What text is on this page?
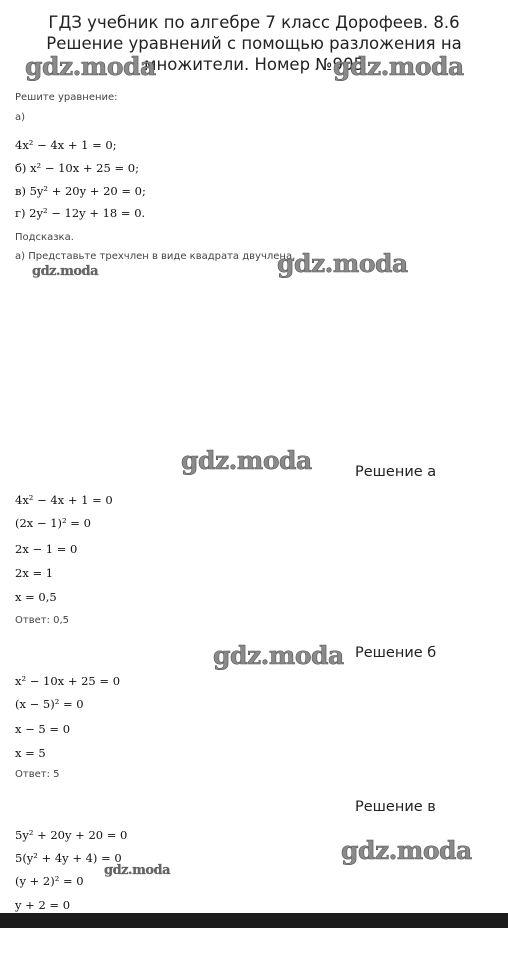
ГДЗ учебник по алгебре 7 класс Дорофеев. 8.6 Решение уравнений с помощью разложения на множители. Номер №905
gdz.moda	gdz.moda
gdz.moda
gdz.moda
gdz.moda
gdz.moda
gdz.moda
gdz.moda
Решите уравнение:
а)
4x² − 4x + 1 = 0;
б) x² − 10x + 25 = 0;
в) 5y² + 20y + 20 = 0;
г) 2y² − 12y + 18 = 0.
Подсказка.
а) Представьте трехчлен в виде квадрата двучлена.
Решение а
4x² − 4x + 1 = 0
(2x − 1)² = 0
2x − 1 = 0
2x = 1
x = 0,5
Ответ: 0,5
Решение б
x² − 10x + 25 = 0
(x − 5)² = 0
x − 5 = 0
x = 5
Ответ: 5
Решение в
5y² + 20y + 20 = 0
5(y² + 4y + 4) = 0
(y + 2)² = 0
y + 2 = 0
